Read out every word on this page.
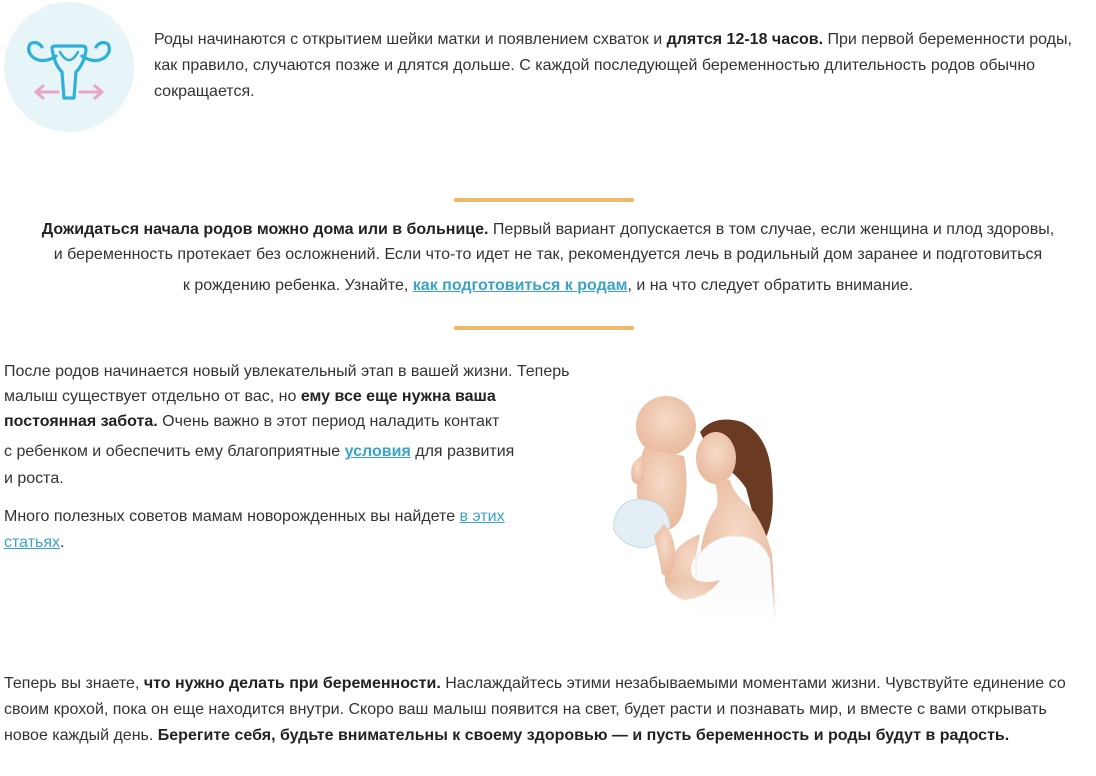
Роды начинаются с открытием шейки матки и появлением схваток и длятся 12-18 часов. При первой беременности роды, как правило, случаются позже и длятся дольше. С каждой последующей беременностью длительность родов обычно сокращается.
Дожидаться начала родов можно дома или в больнице. Первый вариант допускается в том случае, если женщина и плод здоровы,
и беременность протекает без осложнений. Если что-то идет не так, рекомендуется лечь в родильный дом заранее и подготовиться
к рождению ребенка. Узнайте, как подготовиться к родам, и на что следует обратить внимание.
После родов начинается новый увлекательный этап в вашей жизни. Теперь
малыш существует отдельно от вас, но ему все еще нужна ваша
постоянная забота. Очень важно в этот период наладить контакт
с ребенком и обеспечить ему благоприятные условия для развития
и роста.
Много полезных советов мамам новорожденных вы найдете в этих
статьях.
Теперь вы знаете, что нужно делать при беременности. Наслаждайтесь этими незабываемыми моментами жизни. Чувствуйте единение со своим крохой, пока он еще находится внутри. Скоро ваш малыш появится на свет, будет расти и познавать мир, и вместе с вами открывать новое каждый день. Берегите себя, будьте внимательны к своему здоровью — и пусть беременность и роды будут в радость.
